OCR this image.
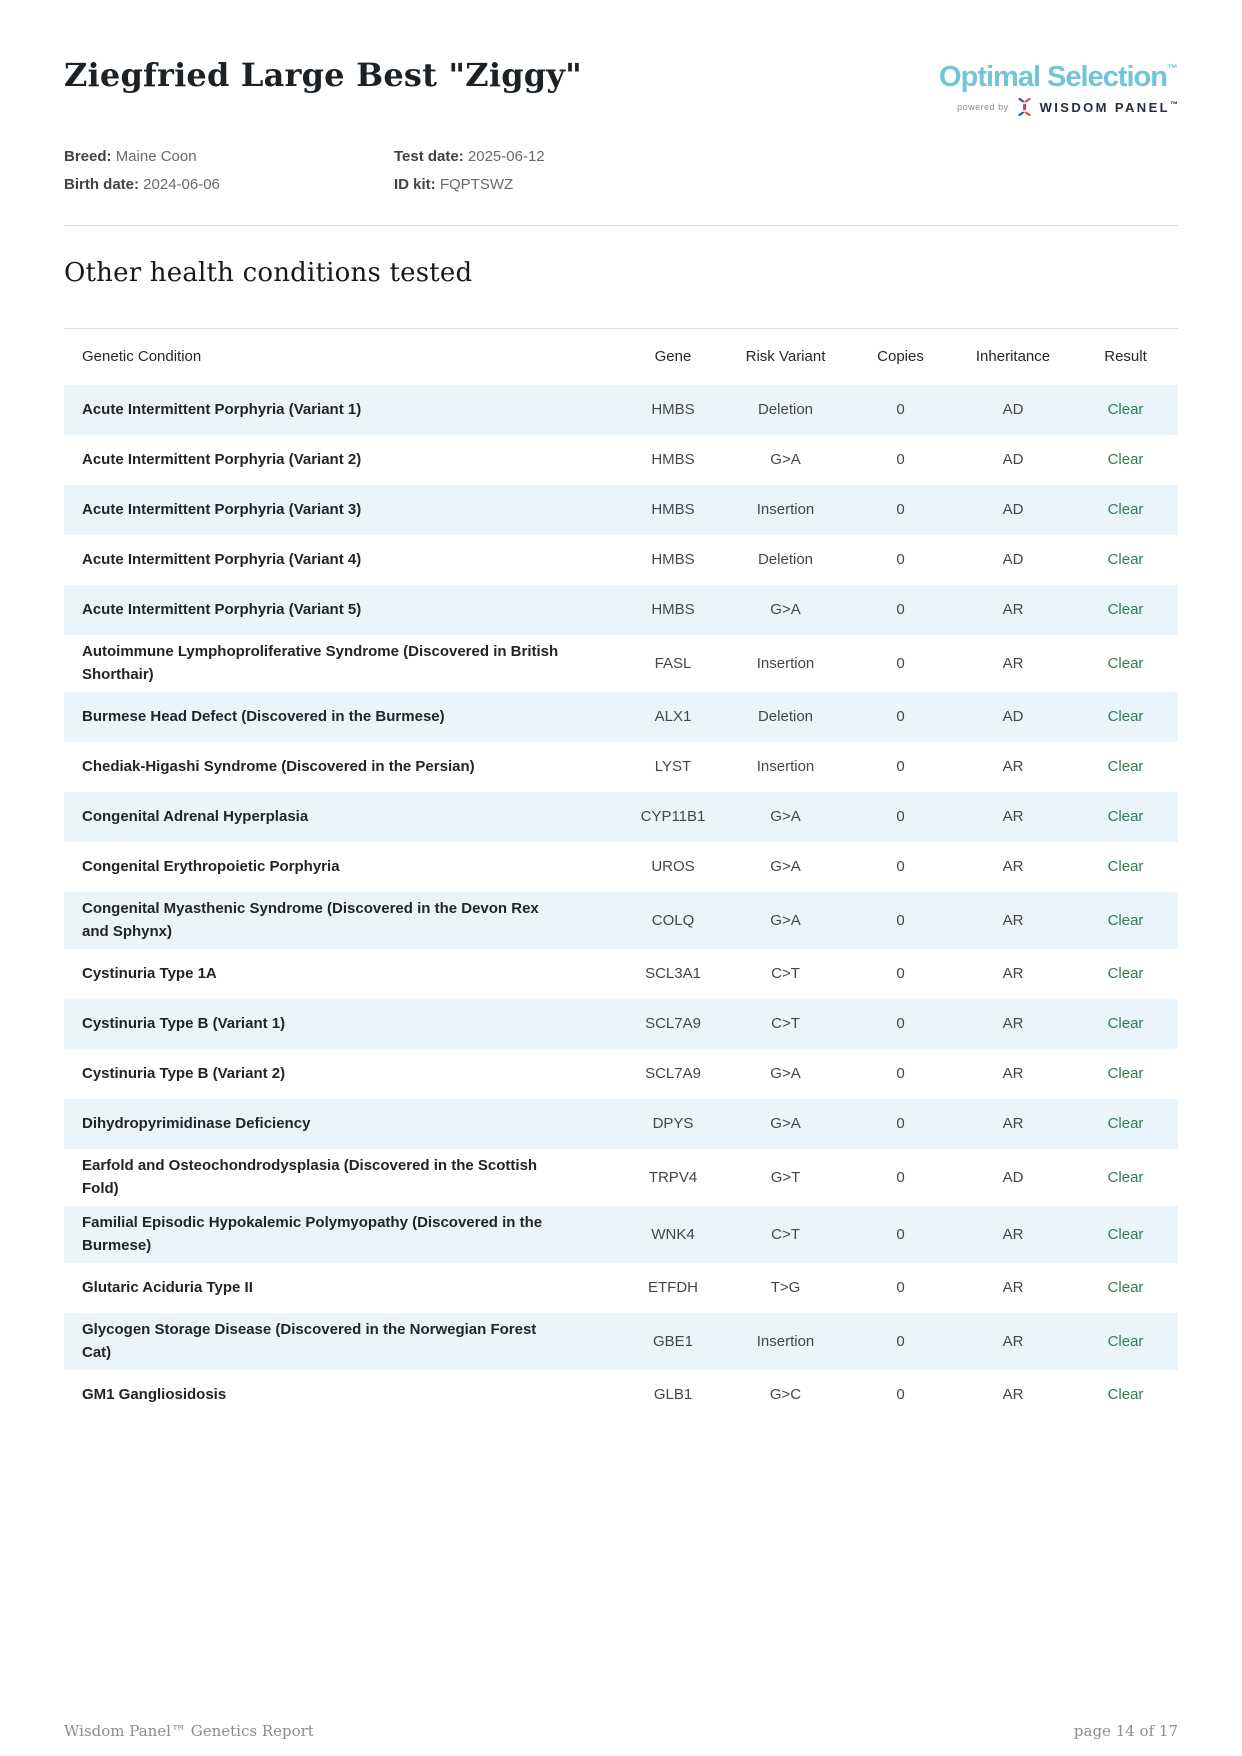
Ziegfried Large Best "Ziggy"	Optimal Selection™
powered by WISDOM PANEL™
Breed: Maine Coon
Birth date: 2024-06-06
Test date: 2025-06-12
ID kit: FQPTSWZ
Other health conditions tested
Genetic Condition	Gene	Risk Variant	Copies	Inheritance	Result
Acute Intermittent Porphyria (Variant 1)	HMBS	Deletion	0	AD	Clear
Acute Intermittent Porphyria (Variant 2)	HMBS	G>A	0	AD	Clear
Acute Intermittent Porphyria (Variant 3)	HMBS	Insertion	0	AD	Clear
Acute Intermittent Porphyria (Variant 4)	HMBS	Deletion	0	AD	Clear
Acute Intermittent Porphyria (Variant 5)	HMBS	G>A	0	AR	Clear
Autoimmune Lymphoproliferative Syndrome (Discovered in British Shorthair)
FASL	Insertion	0	AR	Clear
Burmese Head Defect (Discovered in the Burmese)	ALX1	Deletion	0	AD	Clear
Chediak-Higashi Syndrome (Discovered in the Persian)	LYST	Insertion	0	AR	Clear
Congenital Adrenal Hyperplasia	CYP11B1	G>A	0	AR	Clear
Congenital Erythropoietic Porphyria	UROS	G>A	0	AR	Clear
Congenital Myasthenic Syndrome (Discovered in the Devon Rex and Sphynx)
COLQ	G>A	0	AR	Clear
Cystinuria Type 1A	SCL3A1	C>T	0	AR	Clear
Cystinuria Type B (Variant 1)	SCL7A9	C>T	0	AR	Clear
Cystinuria Type B (Variant 2)	SCL7A9	G>A	0	AR	Clear
Dihydropyrimidinase Deficiency	DPYS	G>A	0	AR	Clear
Earfold and Osteochondrodysplasia (Discovered in the Scottish Fold)
TRPV4	G>T	0	AD	Clear
Familial Episodic Hypokalemic Polymyopathy (Discovered in the Burmese)
WNK4	C>T	0	AR	Clear
Glutaric Aciduria Type II	ETFDH	T>G	0	AR	Clear
Glycogen Storage Disease (Discovered in the Norwegian Forest Cat)
GBE1	Insertion	0	AR	Clear
GM1 Gangliosidosis	GLB1	G>C	0	AR	Clear
Wisdom Panel™ Genetics Report	page 14 of 17
